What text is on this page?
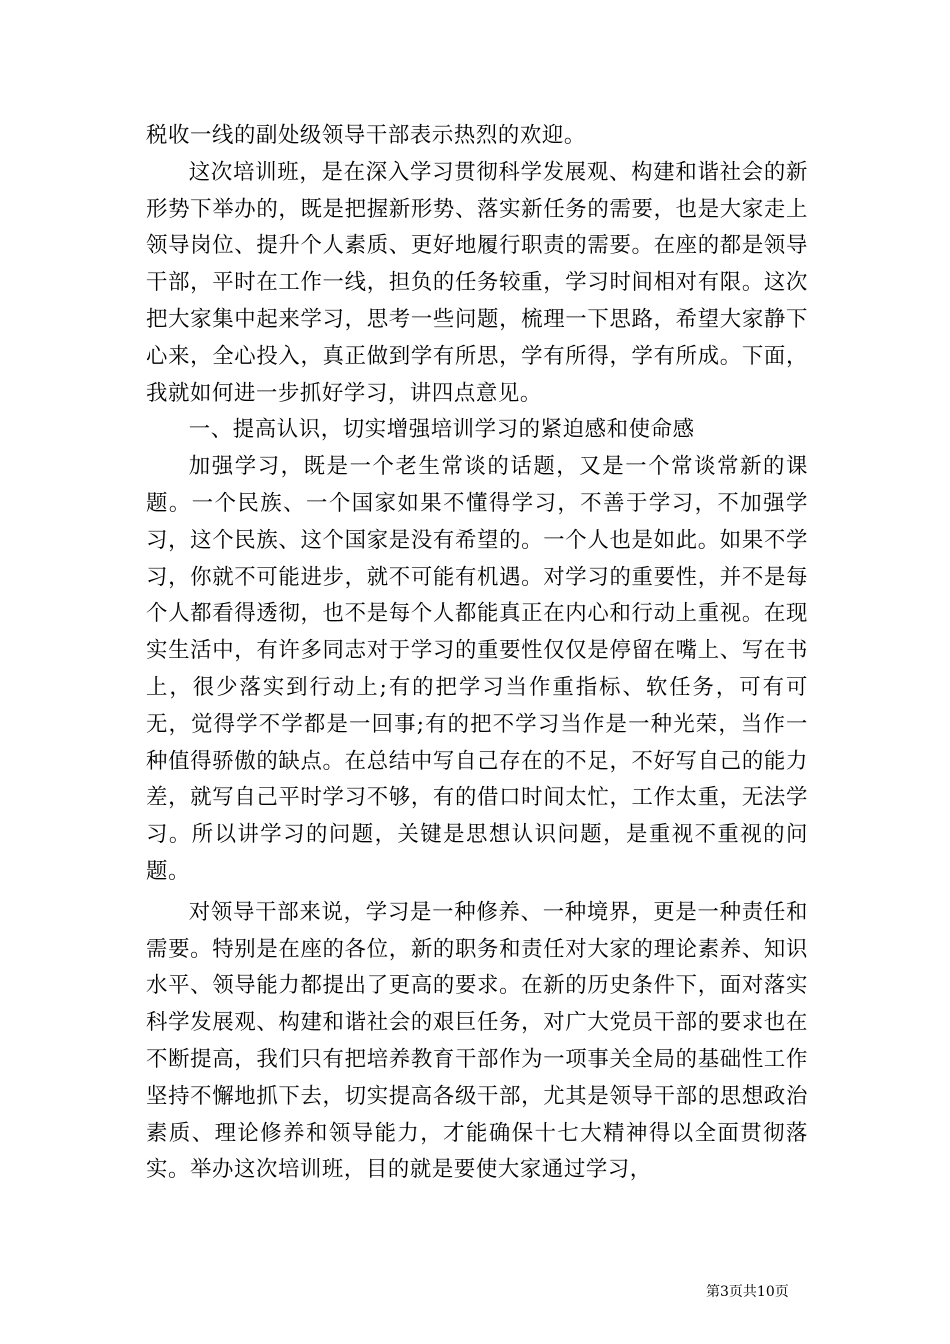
税收一线的副处级领导干部表示热烈的欢迎。

这次培训班，是在深入学习贯彻科学发展观、构建和谐社会的新形势下举办的，既是把握新形势、落实新任务的需要，也是大家走上领导岗位、提升个人素质、更好地履行职责的需要。在座的都是领导干部，平时在工作一线，担负的任务较重，学习时间相对有限。这次把大家集中起来学习，思考一些问题，梳理一下思路，希望大家静下心来，全心投入，真正做到学有所思，学有所得，学有所成。下面，我就如何进一步抓好学习，讲四点意见。

一、提高认识，切实增强培训学习的紧迫感和使命感

加强学习，既是一个老生常谈的话题，又是一个常谈常新的课题。一个民族、一个国家如果不懂得学习，不善于学习，不加强学习，这个民族、这个国家是没有希望的。一个人也是如此。如果不学习，你就不可能进步，就不可能有机遇。对学习的重要性，并不是每个人都看得透彻，也不是每个人都能真正在内心和行动上重视。在现实生活中，有许多同志对于学习的重要性仅仅是停留在嘴上、写在书上，很少落实到行动上;有的把学习当作重指标、软任务，可有可无，觉得学不学都是一回事;有的把不学习当作是一种光荣，当作一种值得骄傲的缺点。在总结中写自己存在的不足，不好写自己的能力差，就写自己平时学习不够，有的借口时间太忙，工作太重，无法学习。所以讲学习的问题，关键是思想认识问题，是重视不重视的问题。

对领导干部来说，学习是一种修养、一种境界，更是一种责任和需要。特别是在座的各位，新的职务和责任对大家的理论素养、知识水平、领导能力都提出了更高的要求。在新的历史条件下，面对落实科学发展观、构建和谐社会的艰巨任务，对广大党员干部的要求也在不断提高，我们只有把培养教育干部作为一项事关全局的基础性工作坚持不懈地抓下去，切实提高各级干部，尤其是领导干部的思想政治素质、理论修养和领导能力，才能确保十七大精神得以全面贯彻落实。举办这次培训班，目的就是要使大家通过学习，

第3页共10页
